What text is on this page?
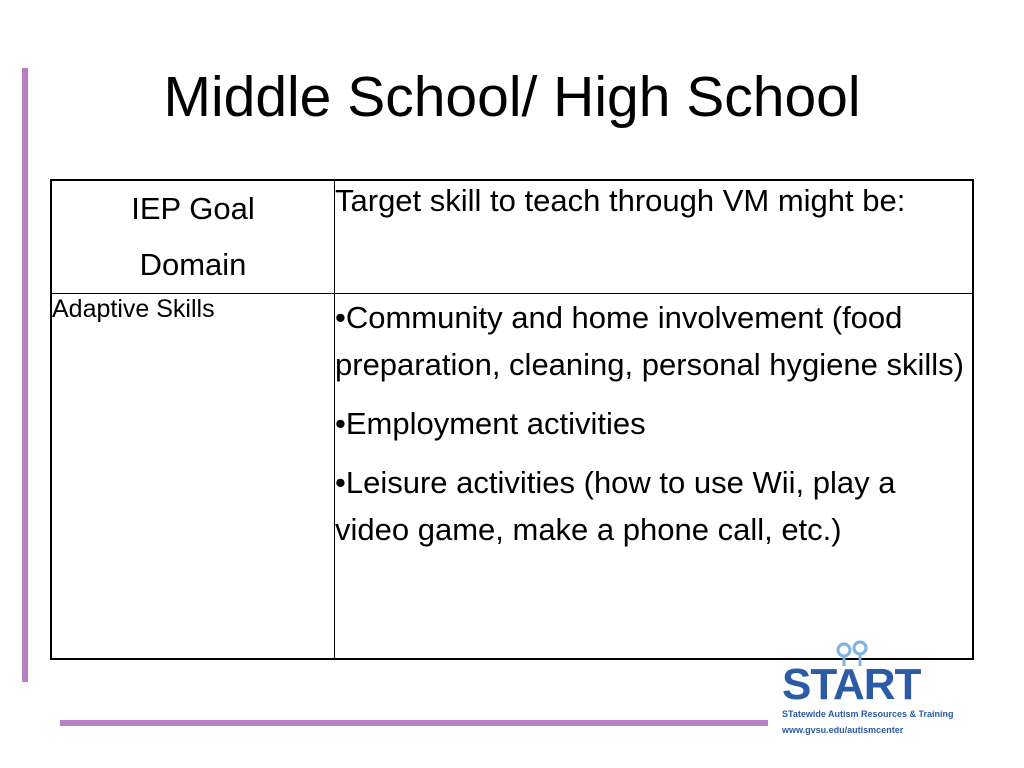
Middle School/ High School
IEP Goal
Domain	Target skill to teach through VM might be:
Adaptive Skills	•Community and home involvement (food preparation, cleaning, personal hygiene skills)
•Employment activities
•Leisure activities (how to use Wii, play a video game, make a phone call, etc.)
START
STatewide Autism Resources & Training
www.gvsu.edu/autismcenter
